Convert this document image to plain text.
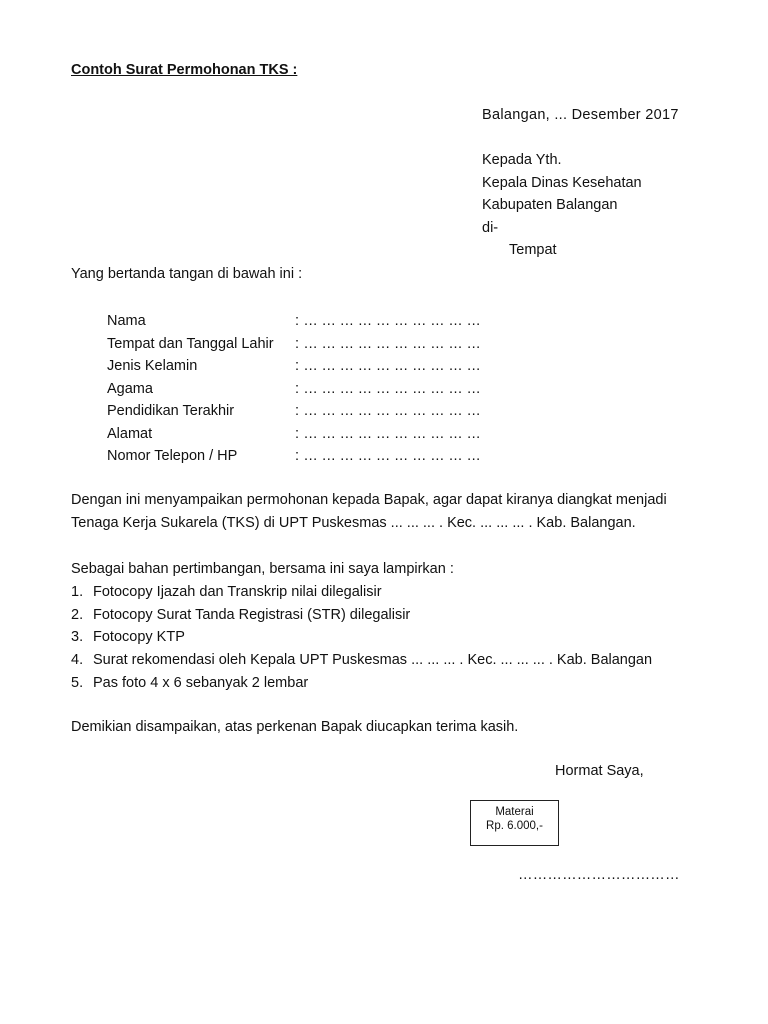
Contoh Surat Permohonan TKS :
Balangan, ... Desember 2017
Kepada Yth.
Kepala Dinas Kesehatan
Kabupaten Balangan
di-
Tempat
Yang bertanda tangan di bawah ini :
Nama	: ... ... ... ... ... ... ... ... ... ...
Tempat dan Tanggal Lahir	: ... ... ... ... ... ... ... ... ... ...
Jenis Kelamin	: ... ... ... ... ... ... ... ... ... ...
Agama	: ... ... ... ... ... ... ... ... ... ...
Pendidikan Terakhir	: ... ... ... ... ... ... ... ... ... ...
Alamat	: ... ... ... ... ... ... ... ... ... ...
Nomor Telepon / HP	: ... ... ... ... ... ... ... ... ... ...
Dengan ini menyampaikan permohonan kepada Bapak, agar dapat kiranya diangkat menjadi
Tenaga Kerja Sukarela (TKS) di UPT Puskesmas ... ... ... . Kec. ... ... ... . Kab. Balangan.
Sebagai bahan pertimbangan, bersama ini saya lampirkan :
1. Fotocopy Ijazah dan Transkrip nilai dilegalisir
2. Fotocopy Surat Tanda Registrasi (STR) dilegalisir
3. Fotocopy KTP
4. Surat rekomendasi oleh Kepala UPT Puskesmas ... ... ... . Kec. ... ... ... . Kab. Balangan
5. Pas foto 4 x 6 sebanyak 2 lembar
Demikian disampaikan, atas perkenan Bapak diucapkan terima kasih.
Hormat Saya,
Materai
Rp. 6.000,-
……………………………
